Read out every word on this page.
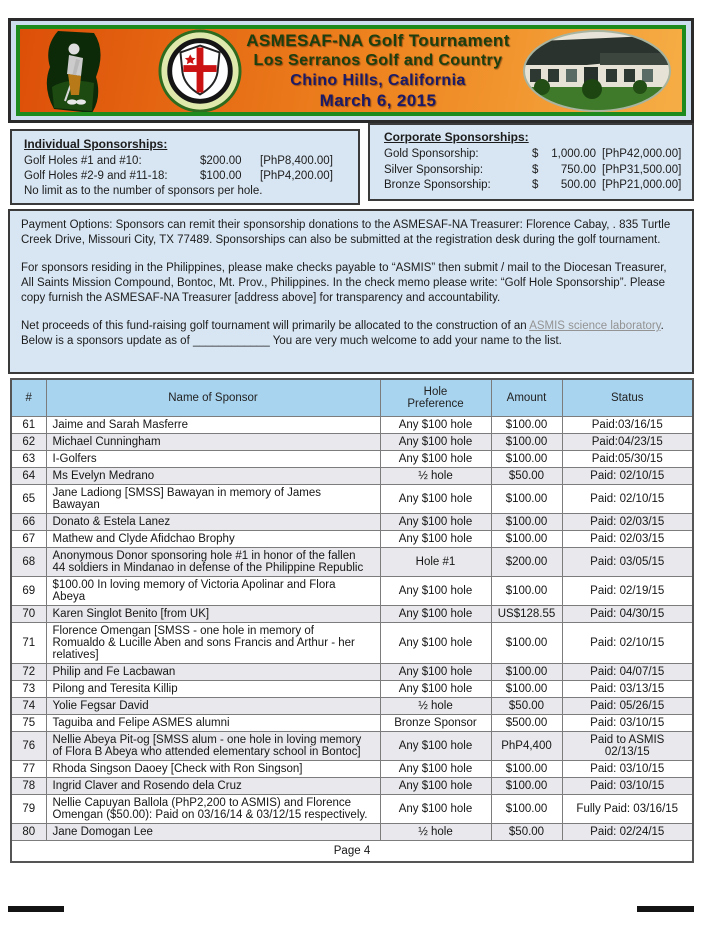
ASMESAF-NA Golf Tournament
Los Serranos Golf and Country
Chino Hills, California
March 6, 2015
Individual Sponsorships:
Golf Holes #1 and #10:	$200.00	[PhP8,400.00]
Golf Holes #2-9 and #11-18:	$100.00	[PhP4,200.00]
No limit as to the number of sponsors per hole.
Corporate Sponsorships:
Gold Sponsorship:	$	1,000.00 [PhP42,000.00]
Silver Sponsorship:	$	750.00 [PhP31,500.00]
Bronze Sponsorship:	$	500.00 [PhP21,000.00]

Payment Options: Sponsors can remit their sponsorship donations to the ASMESAF-NA Treasurer: Florence Cabay, . 835 Turtle Creek Drive, Missouri City, TX 77489. Sponsorships can also be submitted at the registration desk during the golf tournament.

For sponsors residing in the Philippines, please make checks payable to “ASMIS” then submit / mail to the Diocesan Treasurer, All Saints Mission Compound, Bontoc, Mt. Prov., Philippines. In the check memo please write: “Golf Hole Sponsorship”. Please copy furnish the ASMESAF-NA Treasurer [address above] for transparency and accountability.

Net proceeds of this fund-raising golf tournament will primarily be allocated to the construction of an ASMIS science laboratory. Below is a sponsors update as of ____________ You are very much welcome to add your name to the list.

#	Name of Sponsor	Hole Preference	Amount	Status
61	Jaime and Sarah Masferre	Any $100 hole	$100.00	Paid:03/16/15
62	Michael Cunningham	Any $100 hole	$100.00	Paid:04/23/15
63	I-Golfers	Any $100 hole	$100.00	Paid:05/30/15
64	Ms Evelyn Medrano	½ hole	$50.00	Paid: 02/10/15
65	Jane Ladiong [SMSS] Bawayan in memory of James Bawayan	Any $100 hole	$100.00	Paid: 02/10/15
66	Donato & Estela Lanez	Any $100 hole	$100.00	Paid: 02/03/15
67	Mathew and Clyde Afidchao Brophy	Any $100 hole	$100.00	Paid: 02/03/15
68	Anonymous Donor sponsoring hole #1 in honor of the fallen 44 soldiers in Mindanao in defense of the Philippine Republic	Hole #1	$200.00	Paid: 03/05/15
69	$100.00 In loving memory of Victoria Apolinar and Flora Abeya	Any $100 hole	$100.00	Paid: 02/19/15
70	Karen Singlot Benito [from UK]	Any $100 hole	US$128.55	Paid: 04/30/15
71	Florence Omengan [SMSS - one hole in memory of Romualdo & Lucille Aben and sons Francis and Arthur - her relatives]	Any $100 hole	$100.00	Paid: 02/10/15
72	Philip and Fe Lacbawan	Any $100 hole	$100.00	Paid: 04/07/15
73	Pilong and Teresita Killip	Any $100 hole	$100.00	Paid: 03/13/15
74	Yolie Fegsar David	½ hole	$50.00	Paid: 05/26/15
75	Taguiba and Felipe ASMES alumni	Bronze Sponsor	$500.00	Paid: 03/10/15
76	Nellie Abeya Pit-og [SMSS alum - one hole in loving memory of Flora B Abeya who attended elementary school in Bontoc]	Any $100 hole	PhP4,400	Paid to ASMIS 02/13/15
77	Rhoda Singson Daoey [Check with Ron Singson]	Any $100 hole	$100.00	Paid: 03/10/15
78	Ingrid Claver and Rosendo dela Cruz	Any $100 hole	$100.00	Paid: 03/10/15
79	Nellie Capuyan Ballola (PhP2,200 to ASMIS) and Florence Omengan ($50.00): Paid on 03/16/14 & 03/12/15 respectively.	Any $100 hole	$100.00	Fully Paid: 03/16/15
80	Jane Domogan Lee	½ hole	$50.00	Paid: 02/24/15
Page 4				
